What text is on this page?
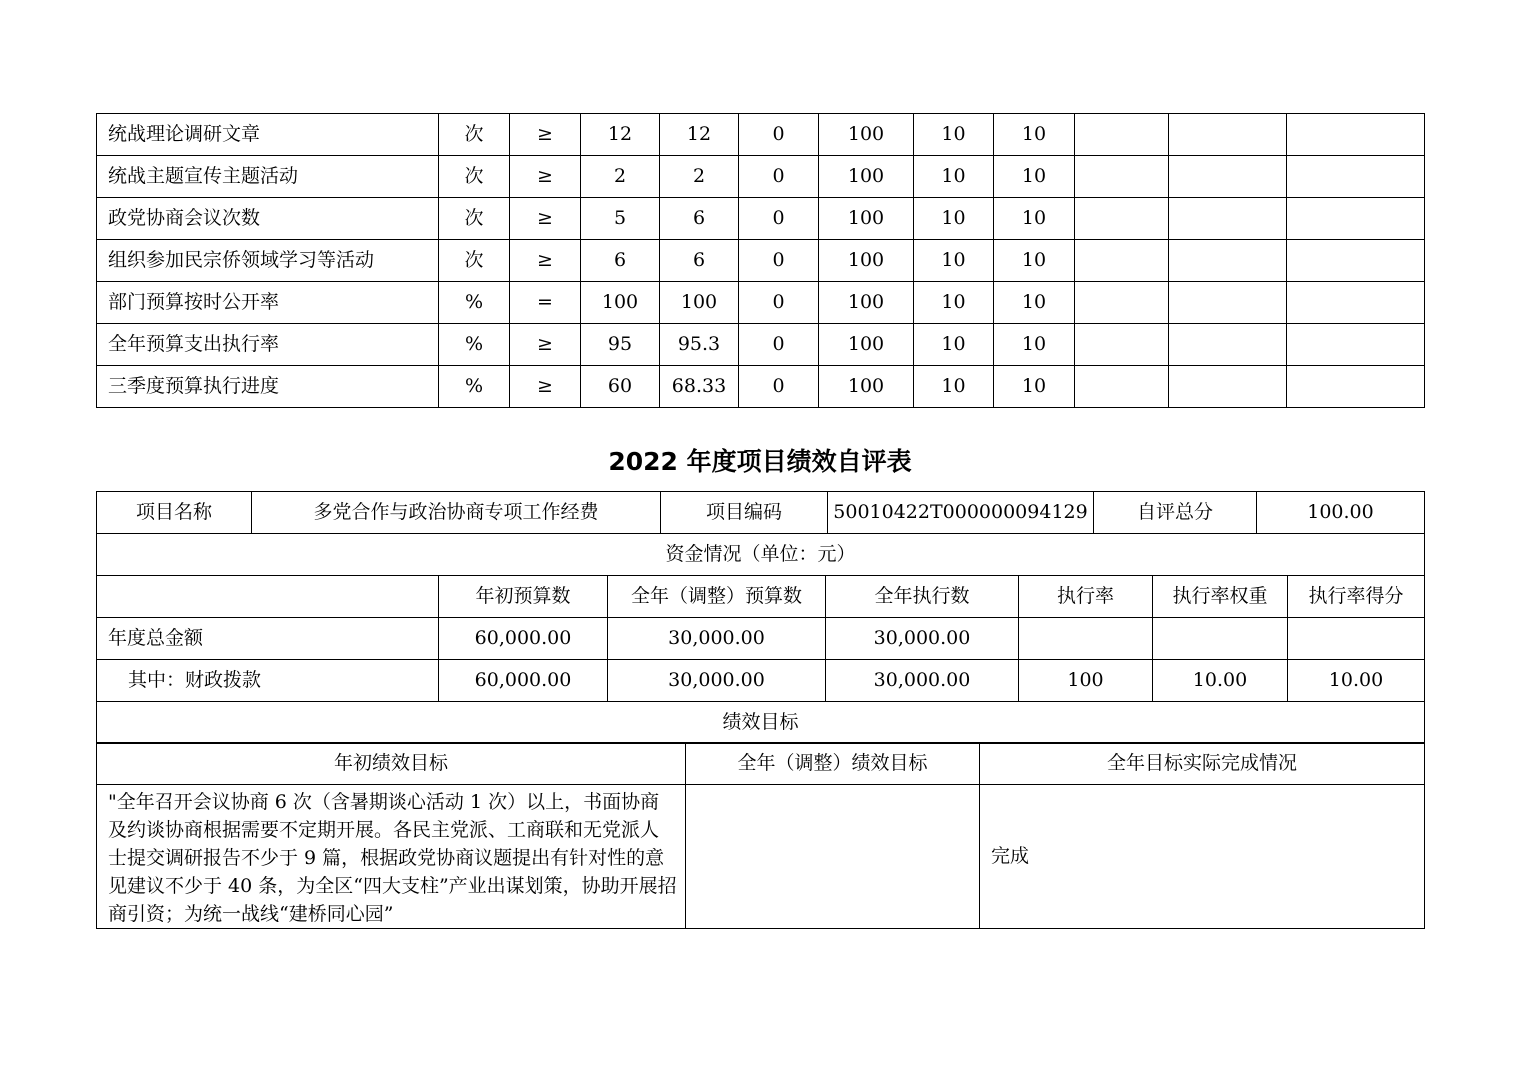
统战理论调研文章	次	≥	12	12	0	100	10	10			
统战主题宣传主题活动	次	≥	2	2	0	100	10	10			
政党协商会议次数	次	≥	5	6	0	100	10	10			
组织参加民宗侨领域学习等活动	次	≥	6	6	0	100	10	10			
部门预算按时公开率	%	=	100	100	0	100	10	10			
全年预算支出执行率	%	≥	95	95.3	0	100	10	10			
三季度预算执行进度	%	≥	60	68.33	0	100	10	10			
2022 年度项目绩效自评表
项目名称	多党合作与政治协商专项工作经费	项目编码	50010422T000000094129	自评总分	100.00
资金情况（单位：元）
	年初预算数	全年（调整）预算数	全年执行数	执行率	执行率权重	执行率得分
年度总金额	60,000.00	30,000.00	30,000.00			
其中：财政拨款	60,000.00	30,000.00	30,000.00	100	10.00	10.00
绩效目标						
年初绩效目标	全年（调整）绩效目标	全年目标实际完成情况
"全年召开会议协商 6 次（含暑期谈心活动 1 次）以上，书面协商及约谈协商根据需要不定期开展。各民主党派、工商联和无党派人士提交调研报告不少于 9 篇，根据政党协商议题提出有针对性的意见建议不少于 40 条，为全区“四大支柱”产业出谋划策，协助开展招商引资；为统一战线“建桥同心园”		完成
